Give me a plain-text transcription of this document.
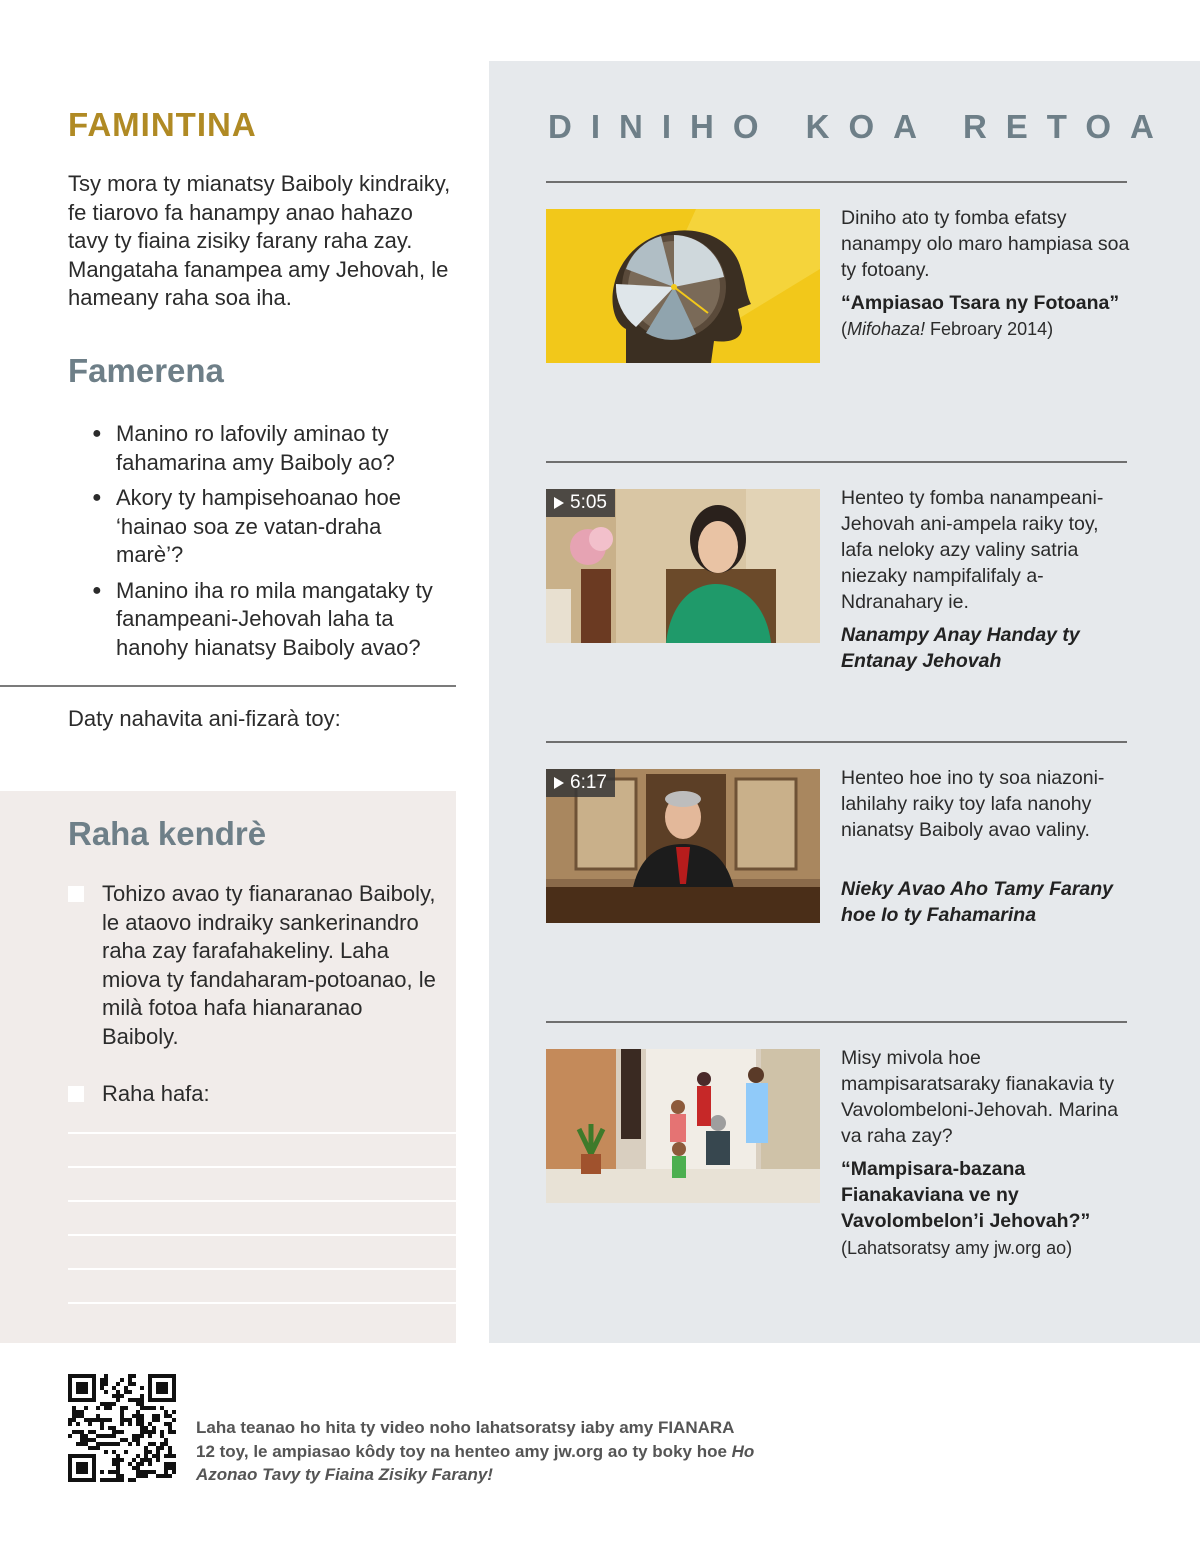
FAMINTINA
Tsy mora ty mianatsy Baiboly kindraiky, fe tiarovo fa hanampy anao hahazo tavy ty fiaina zisiky farany raha zay. Mangataha fanampea amy Jehovah, le hameany raha soa iha.
Famerena
● Manino ro lafovily aminao ty fahamarina amy Baiboly ao?
● Akory ty hampisehoanao hoe ‘hainao soa ze vatan-draha marè’?
● Manino iha ro mila mangataky ty fanampeani-Jehovah laha ta hanohy hianatsy Baiboly avao?
Daty nahavita ani-fizarà toy:
Raha kendrè
Tohizo avao ty fianaranao Baiboly, le ataovo indraiky sankerinandro raha zay farafahakeliny. Laha miova ty fandaharam-potoanao, le milà fotoa hafa hianaranao Baiboly.
Raha hafa:
DINIHO KOA RETOA
Diniho ato ty fomba efatsy nanampy olo maro hampiasa soa ty fotoany.
“Ampiasao Tsara ny Fotoana”
(Mifohaza! Febroary 2014)
5:05	Henteo ty fomba nanampeani-Jehovah ani-ampela raiky toy, lafa neloky azy valiny satria niezaky nampifalifaly a-Ndranahary ie.
Nanampy Anay Handay ty Entanay Jehovah
6:17	Henteo hoe ino ty soa niazoni-lahilahy raiky toy lafa nanohy nianatsy Baiboly avao valiny.
Nieky Avao Aho Tamy Farany hoe Io ty Fahamarina
Misy mivola hoe mampisaratsaraky fianakavia ty Vavolombeloni-Jehovah. Marina va raha zay?
“Mampisara-bazana Fianakaviana ve ny Vavolombelon’i Jehovah?”
(Lahatsoratsy amy jw.org ao)
Laha teanao ho hita ty video noho lahatsoratsy iaby amy FIANARA 12 toy, le ampiasao kôdy toy na henteo amy jw.org ao ty boky hoe Ho Azonao Tavy ty Fiaina Zisiky Farany!
